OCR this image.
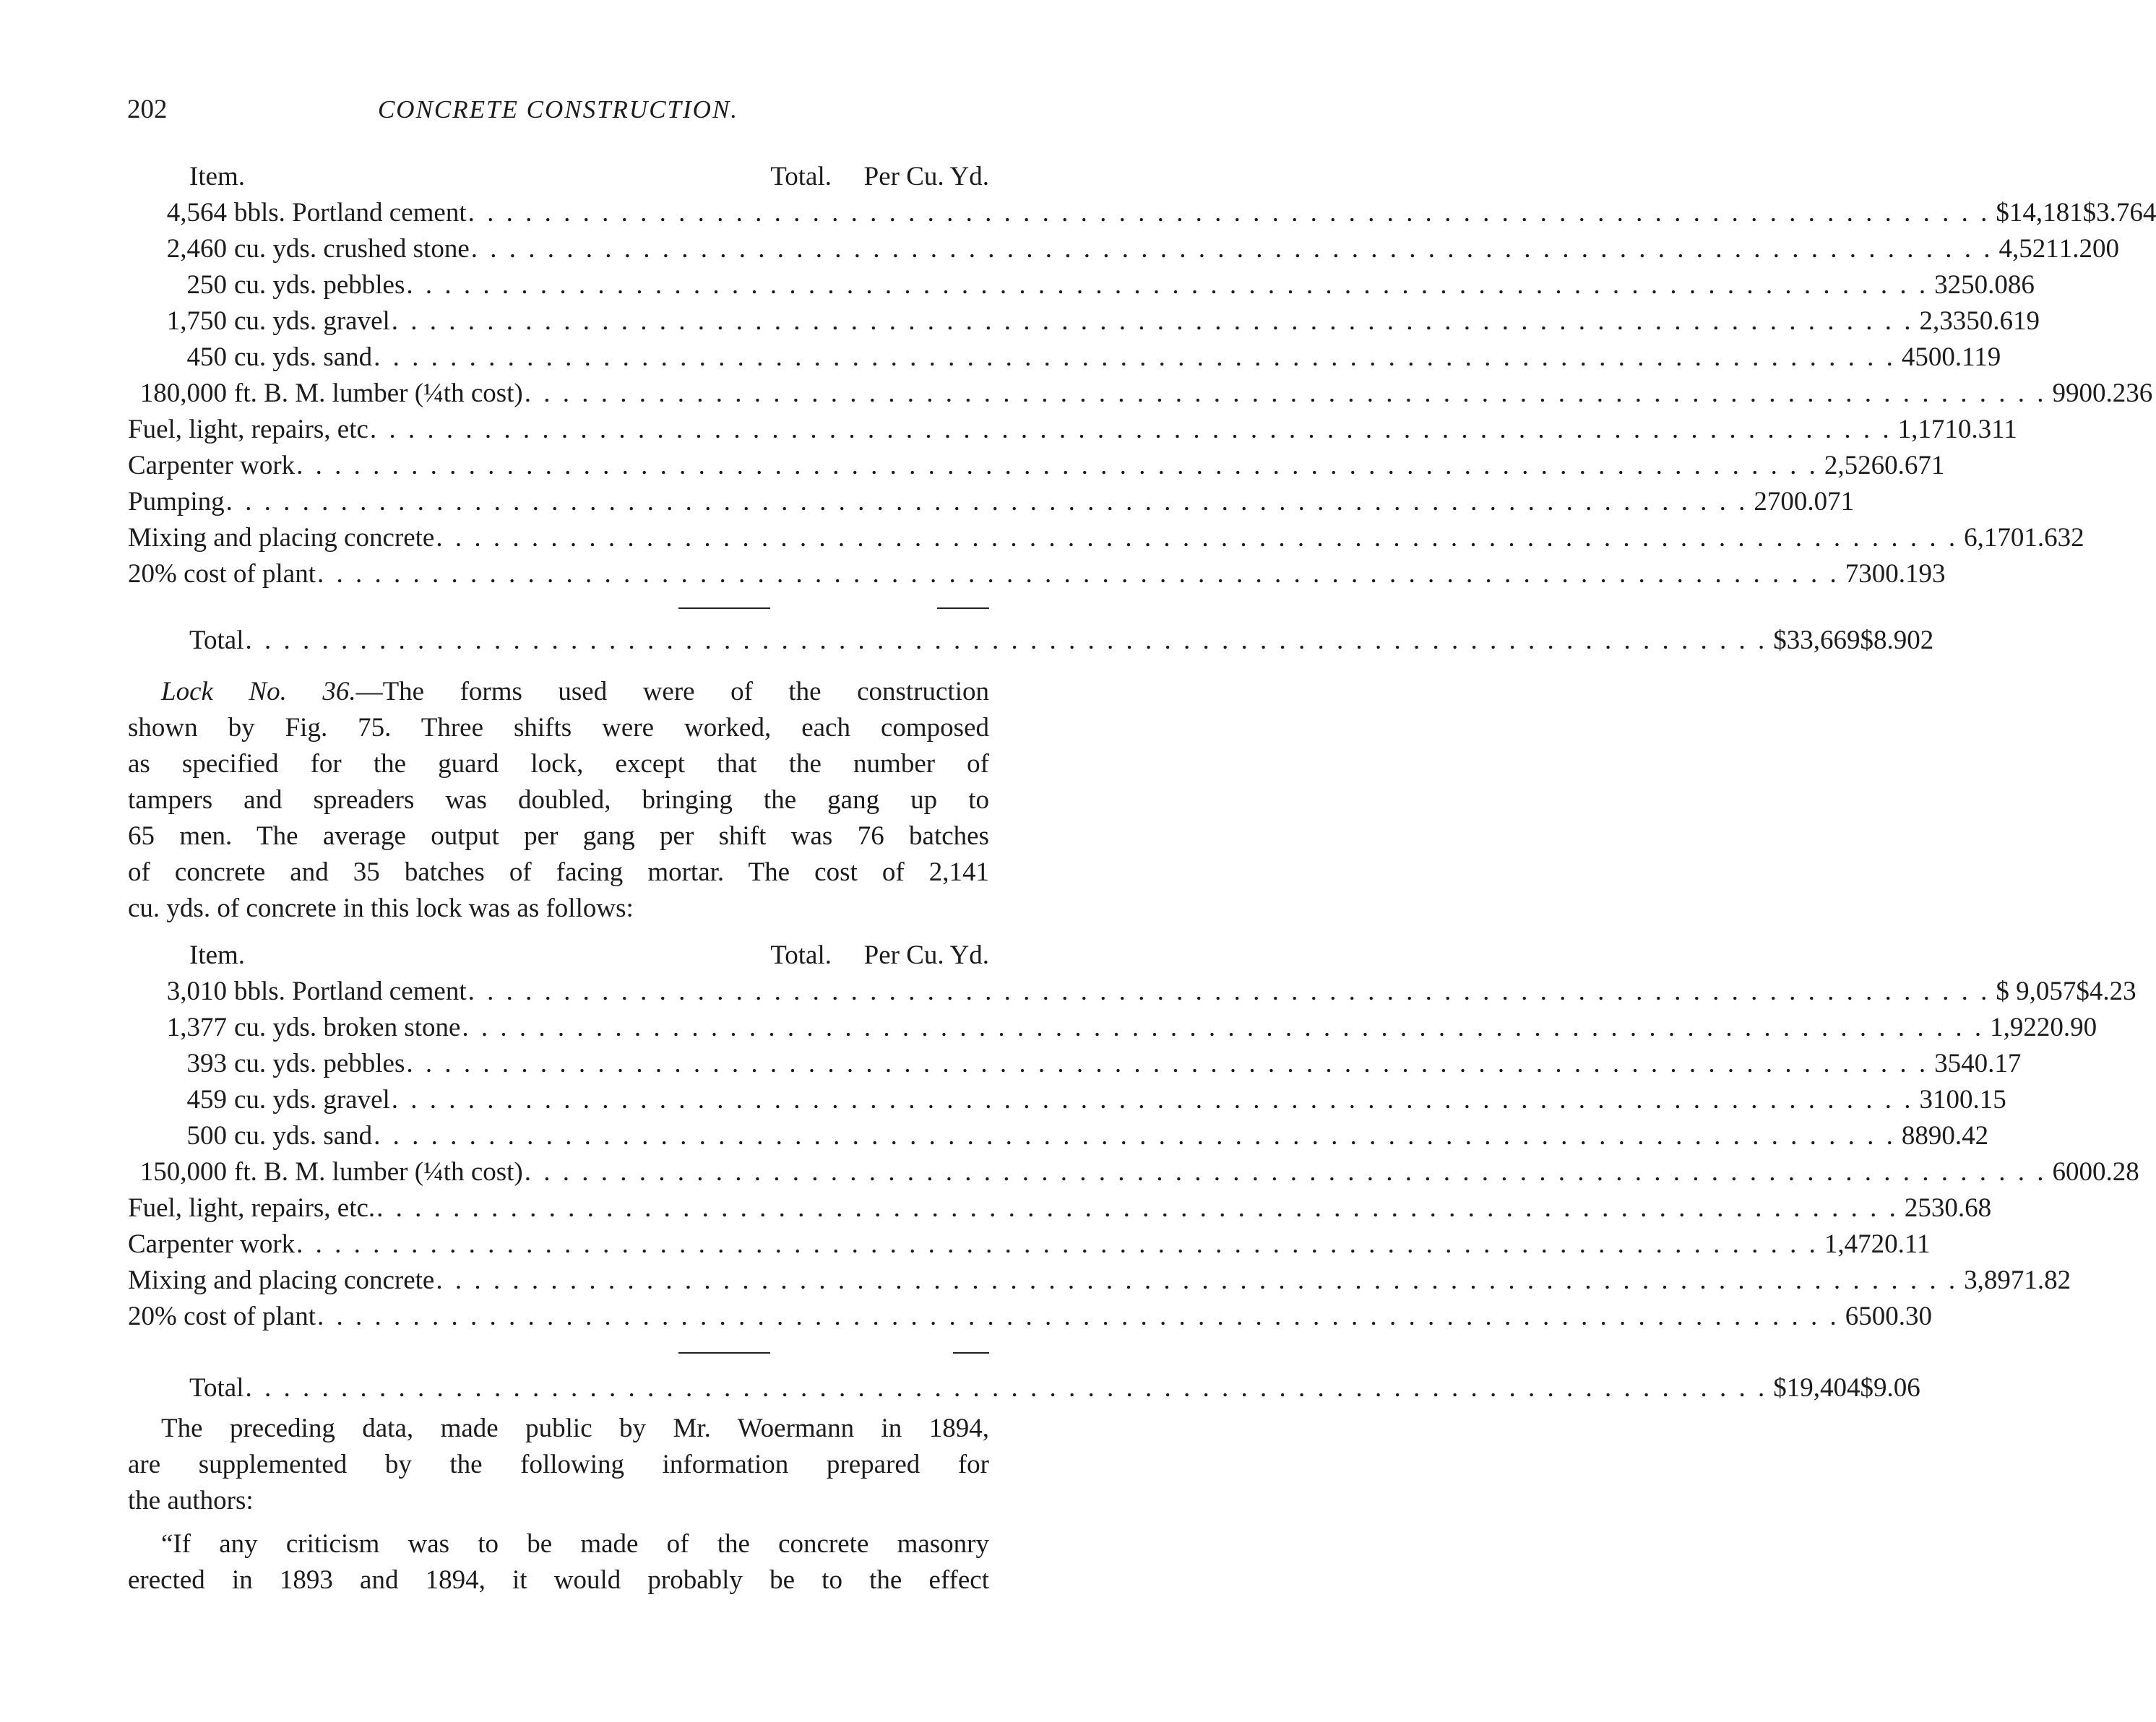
202	CONCRETE CONSTRUCTION.
Item.	Total.	Per Cu. Yd.
4,564 bbls. Portland cement . . . . . . . . . . . . . . . . . . . . . . . . . . . . . . . . . . . . . . . . . . . . . . . . . . . . . . . . . . . . . . . . . . . . . . . . . . . . . . . . $14,181 $3.764
2,460 cu. yds. crushed stone . . . . . . . . . . . . . . . . . . . . . . . . . . . . . . . . . . . . . . . . . . . . . . . . . . . . . . . . . . . . . . . . . . . . . . . . . . . . . . . . 4,521 1.200
250 cu. yds. pebbles . . . . . . . . . . . . . . . . . . . . . . . . . . . . . . . . . . . . . . . . . . . . . . . . . . . . . . . . . . . . . . . . . . . . . . . . . . . . . . . . 325 0.086
1,750 cu. yds. gravel . . . . . . . . . . . . . . . . . . . . . . . . . . . . . . . . . . . . . . . . . . . . . . . . . . . . . . . . . . . . . . . . . . . . . . . . . . . . . . . . 2,335 0.619
450 cu. yds. sand . . . . . . . . . . . . . . . . . . . . . . . . . . . . . . . . . . . . . . . . . . . . . . . . . . . . . . . . . . . . . . . . . . . . . . . . . . . . . . . . 450 0.119
180,000 ft. B. M. lumber (¼th cost) . . . . . . . . . . . . . . . . . . . . . . . . . . . . . . . . . . . . . . . . . . . . . . . . . . . . . . . . . . . . . . . . . . . . . . . . . . . . . . . . 990 0.236
Fuel, light, repairs, etc . . . . . . . . . . . . . . . . . . . . . . . . . . . . . . . . . . . . . . . . . . . . . . . . . . . . . . . . . . . . . . . . . . . . . . . . . . . . . . . . 1,171 0.311
Carpenter work . . . . . . . . . . . . . . . . . . . . . . . . . . . . . . . . . . . . . . . . . . . . . . . . . . . . . . . . . . . . . . . . . . . . . . . . . . . . . . . . 2,526 0.671
Pumping . . . . . . . . . . . . . . . . . . . . . . . . . . . . . . . . . . . . . . . . . . . . . . . . . . . . . . . . . . . . . . . . . . . . . . . . . . . . . . . . 270 0.071
Mixing and placing concrete . . . . . . . . . . . . . . . . . . . . . . . . . . . . . . . . . . . . . . . . . . . . . . . . . . . . . . . . . . . . . . . . . . . . . . . . . . . . . . . . 6,170 1.632
20% cost of plant . . . . . . . . . . . . . . . . . . . . . . . . . . . . . . . . . . . . . . . . . . . . . . . . . . . . . . . . . . . . . . . . . . . . . . . . . . . . . . . . 730 0.193
Total . . . . . . . . . . . . . . . . . . . . . . . . . . . . . . . . . . . . . . . . . . . . . . . . . . . . . . . . . . . . . . . . . . . . . . . . . . . . . . . . $33,669 $8.902
Lock No. 36.—The forms used were of the construction
shown by Fig. 75. Three shifts were worked, each composed
as specified for the guard lock, except that the number of
tampers and spreaders was doubled, bringing the gang up to
65 men. The average output per gang per shift was 76 batches
of concrete and 35 batches of facing mortar. The cost of 2,141
cu. yds. of concrete in this lock was as follows:
Item.	Total.	Per Cu. Yd.
3,010 bbls. Portland cement . . . . . . . . . . . . . . . . . . . . . . . . . . . . . . . . . . . . . . . . . . . . . . . . . . . . . . . . . . . . . . . . . . . . . . . . . . . . . . . . $ 9,057 $4.23
1,377 cu. yds. broken stone . . . . . . . . . . . . . . . . . . . . . . . . . . . . . . . . . . . . . . . . . . . . . . . . . . . . . . . . . . . . . . . . . . . . . . . . . . . . . . . . 1,922 0.90
393 cu. yds. pebbles . . . . . . . . . . . . . . . . . . . . . . . . . . . . . . . . . . . . . . . . . . . . . . . . . . . . . . . . . . . . . . . . . . . . . . . . . . . . . . . . 354 0.17
459 cu. yds. gravel . . . . . . . . . . . . . . . . . . . . . . . . . . . . . . . . . . . . . . . . . . . . . . . . . . . . . . . . . . . . . . . . . . . . . . . . . . . . . . . . 310 0.15
500 cu. yds. sand . . . . . . . . . . . . . . . . . . . . . . . . . . . . . . . . . . . . . . . . . . . . . . . . . . . . . . . . . . . . . . . . . . . . . . . . . . . . . . . . 889 0.42
150,000 ft. B. M. lumber (¼th cost) . . . . . . . . . . . . . . . . . . . . . . . . . . . . . . . . . . . . . . . . . . . . . . . . . . . . . . . . . . . . . . . . . . . . . . . . . . . . . . . . 600 0.28
Fuel, light, repairs, etc. . . . . . . . . . . . . . . . . . . . . . . . . . . . . . . . . . . . . . . . . . . . . . . . . . . . . . . . . . . . . . . . . . . . . . . . . . . . . . . . . 253 0.68
Carpenter work . . . . . . . . . . . . . . . . . . . . . . . . . . . . . . . . . . . . . . . . . . . . . . . . . . . . . . . . . . . . . . . . . . . . . . . . . . . . . . . . 1,472 0.11
Mixing and placing concrete . . . . . . . . . . . . . . . . . . . . . . . . . . . . . . . . . . . . . . . . . . . . . . . . . . . . . . . . . . . . . . . . . . . . . . . . . . . . . . . . 3,897 1.82
20% cost of plant . . . . . . . . . . . . . . . . . . . . . . . . . . . . . . . . . . . . . . . . . . . . . . . . . . . . . . . . . . . . . . . . . . . . . . . . . . . . . . . . 650 0.30
Total . . . . . . . . . . . . . . . . . . . . . . . . . . . . . . . . . . . . . . . . . . . . . . . . . . . . . . . . . . . . . . . . . . . . . . . . . . . . . . . . $19,404 $9.06
The preceding data, made public by Mr. Woermann in 1894,
are supplemented by the following information prepared for
the authors:
“If any criticism was to be made of the concrete masonry
erected in 1893 and 1894, it would probably be to the effect
